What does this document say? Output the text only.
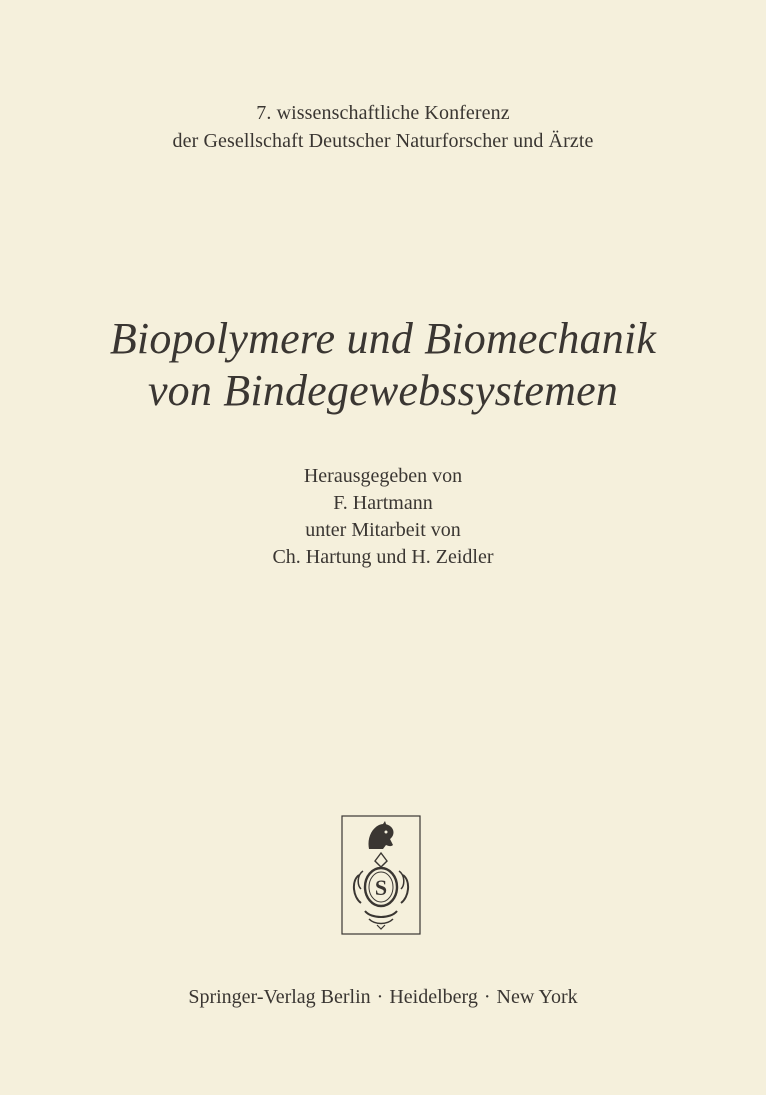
7. wissenschaftliche Konferenz
der Gesellschaft Deutscher Naturforscher und Ärzte
Biopolymere und Biomechanik
von Bindegewebssystemen
Herausgegeben von
F. Hartmann
unter Mitarbeit von
Ch. Hartung und H. Zeidler
S
Springer-Verlag Berlin · Heidelberg · New York
